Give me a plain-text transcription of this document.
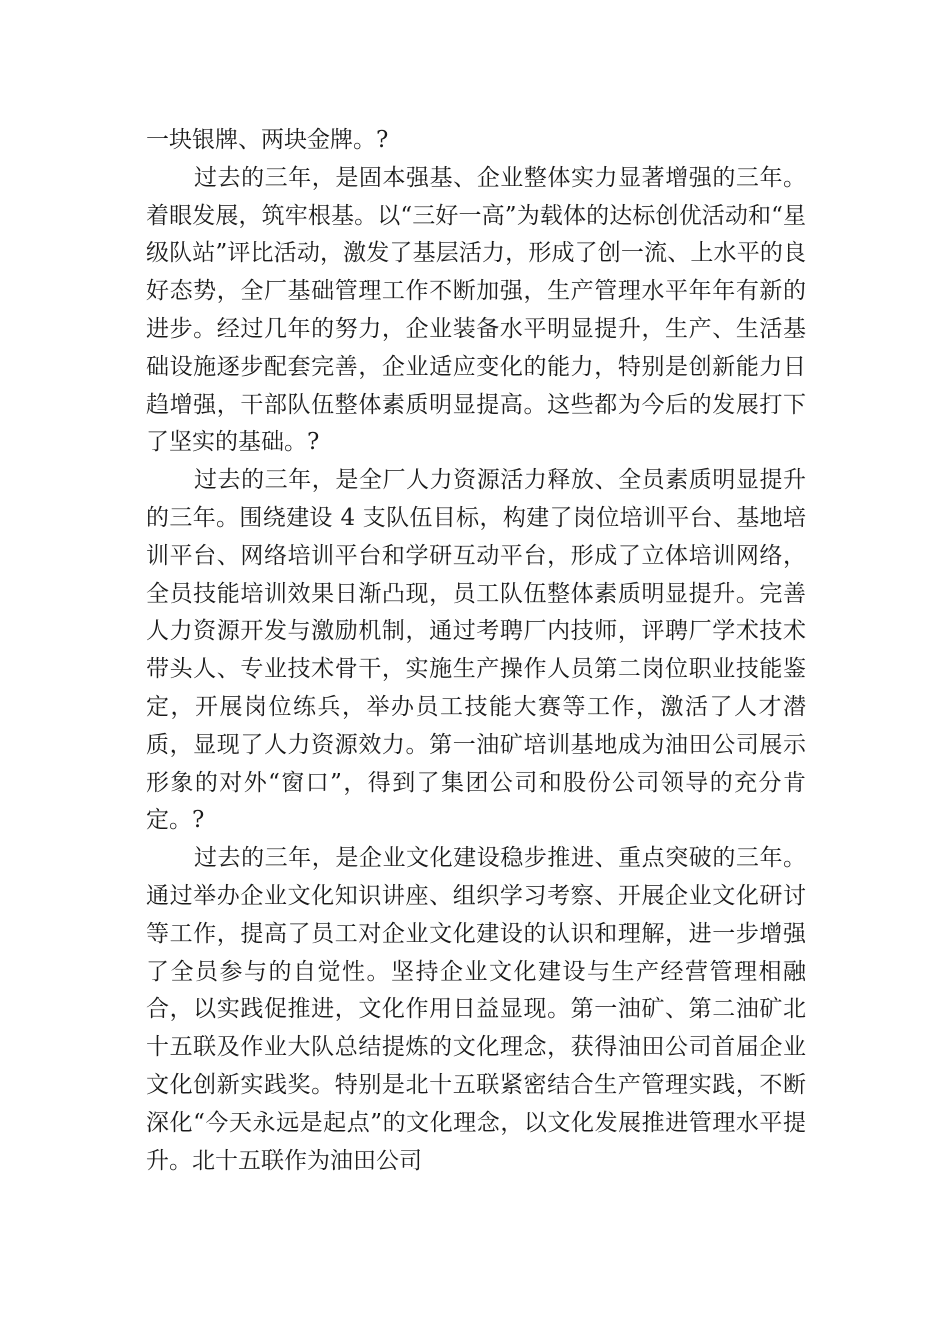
一块银牌、两块金牌。?

过去的三年，是固本强基、企业整体实力显著增强的三年。 着眼发展，筑牢根基。以“三好一高”为载体的达标创优活动和“星级队站”评比活动，激发了基层活力，形成了创一流、上水平的良好态势，全厂基础管理工作不断加强，生产管理水平年年有新的进步。经过几年的努力，企业装备水平明显提升，生产、生活基础设施逐步配套完善，企业适应变化的能力，特别是创新能力日趋增强，干部队伍整体素质明显提高。这些都为今后的发展打下了坚实的基础。?

过去的三年，是全厂人力资源活力释放、全员素质明显提升的三年。围绕建设 4 支队伍目标，构建了岗位培训平台、基地培训平台、网络培训平台和学研互动平台，形成了立体培训网络，全员技能培训效果日渐凸现，员工队伍整体素质明显提升。完善人力资源开发与激励机制，通过考聘厂内技师，评聘厂学术技术带头人、专业技术骨干，实施生产操作人员第二岗位职业技能鉴定，开展岗位练兵，举办员工技能大赛等工作，激活了人才潜质，显现了人力资源效力。第一油矿培训基地成为油田公司展示形象的对外“窗口”，得到了集团公司和股份公司领导的充分肯定。?

过去的三年，是企业文化建设稳步推进、重点突破的三年。通过举办企业文化知识讲座、组织学习考察、开展企业文化研讨等工作，提高了员工对企业文化建设的认识和理解，进一步增强了全员参与的自觉性。坚持企业文化建设与生产经营管理相融合，以实践促推进，文化作用日益显现。第一油矿、第二油矿北十五联及作业大队总结提炼的文化理念，获得油田公司首届企业文化创新实践奖。特别是北十五联紧密结合生产管理实践，不断深化“今天永远是起点”的文化理念，以文化发展推进管理水平提升。北十五联作为油田公司
